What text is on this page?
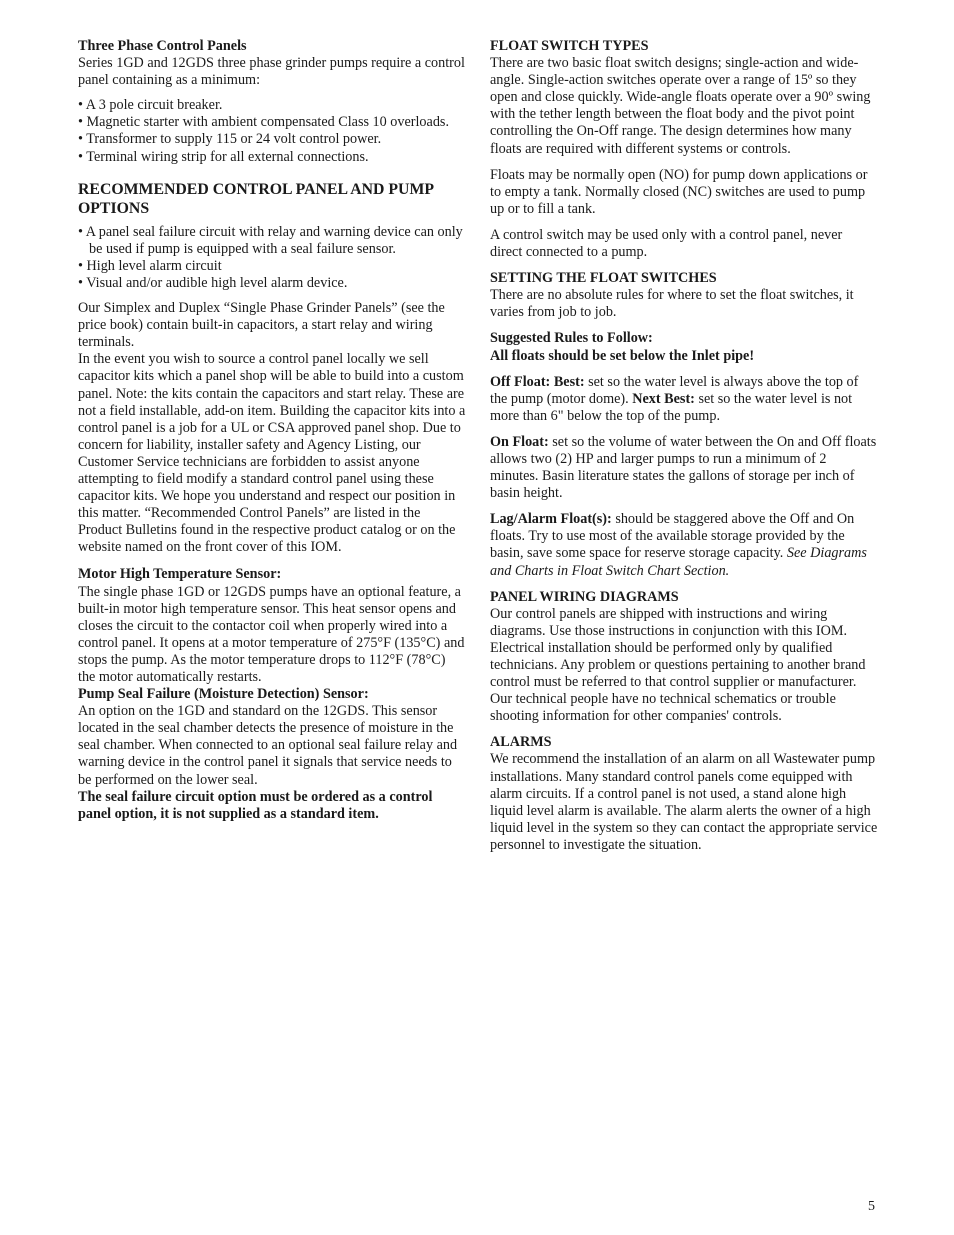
Three Phase Control Panels
Series 1GD and 12GDS three phase grinder pumps require a control panel containing as a minimum:
• A 3 pole circuit breaker.
• Magnetic starter with ambient compensated Class 10 overloads.
• Transformer to supply 115 or 24 volt control power.
• Terminal wiring strip for all external connections.
RECOMMENDED CONTROL PANEL AND PUMP OPTIONS
• A panel seal failure circuit with relay and warning device can only be used if pump is equipped with a seal failure sensor.
• High level alarm circuit
• Visual and/or audible high level alarm device.
Our Simplex and Duplex “Single Phase Grinder Panels” (see the price book) contain built-in capacitors, a start relay and wiring terminals.
In the event you wish to source a control panel locally we sell capacitor kits which a panel shop will be able to build into a custom panel. Note: the kits contain the capacitors and start relay. These are not a field installable, add-on item. Building the capacitor kits into a control panel is a job for a UL or CSA approved panel shop. Due to concern for liability, installer safety and Agency Listing, our Customer Service technicians are forbidden to assist anyone attempting to field modify a standard control panel using these capacitor kits. We hope you understand and respect our position in this matter. “Recommended Control Panels” are listed in the Product Bulletins found in the respective product catalog or on the website named on the front cover of this IOM.
Motor High Temperature Sensor:
The single phase 1GD or 12GDS pumps have an optional feature, a built-in motor high temperature sensor. This heat sensor opens and closes the circuit to the contactor coil when properly wired into a control panel. It opens at a motor temperature of 275°F (135°C) and stops the pump. As the motor temperature drops to 112°F (78°C) the motor automatically restarts.
Pump Seal Failure (Moisture Detection) Sensor:
An option on the 1GD and standard on the 12GDS. This sensor located in the seal chamber detects the presence of moisture in the seal chamber. When connected to an optional seal failure relay and warning device in the control panel it signals that service needs to be performed on the lower seal.
The seal failure circuit option must be ordered as a control panel option, it is not supplied as a standard item.
FLOAT SWITCH TYPES
There are two basic float switch designs; single-action and wide-angle. Single-action switches operate over a range of 15º so they open and close quickly. Wide-angle floats operate over a 90º swing with the tether length between the float body and the pivot point controlling the On-Off range. The design determines how many floats are required with different systems or controls.
Floats may be normally open (NO) for pump down applications or to empty a tank. Normally closed (NC) switches are used to pump up or to fill a tank.
A control switch may be used only with a control panel, never direct connected to a pump.
SETTING THE FLOAT SWITCHES
There are no absolute rules for where to set the float switches, it varies from job to job.
Suggested Rules to Follow:
All floats should be set below the Inlet pipe!
Off Float: Best: set so the water level is always above the top of the pump (motor dome). Next Best: set so the water level is not more than 6" below the top of the pump.
On Float: set so the volume of water between the On and Off floats allows two (2) HP and larger pumps to run a minimum of 2 minutes. Basin literature states the gallons of storage per inch of basin height.
Lag/Alarm Float(s): should be staggered above the Off and On floats. Try to use most of the available storage provided by the basin, save some space for reserve storage capacity. See Diagrams and Charts in Float Switch Chart Section.
PANEL WIRING DIAGRAMS
Our control panels are shipped with instructions and wiring diagrams. Use those instructions in conjunction with this IOM. Electrical installation should be performed only by qualified technicians. Any problem or questions pertaining to another brand control must be referred to that control supplier or manufacturer. Our technical people have no technical schematics or trouble shooting information for other companies' controls.
ALARMS
We recommend the installation of an alarm on all Wastewater pump installations. Many standard control panels come equipped with alarm circuits. If a control panel is not used, a stand alone high liquid level alarm is available. The alarm alerts the owner of a high liquid level in the system so they can contact the appropriate service personnel to investigate the situation.
5
